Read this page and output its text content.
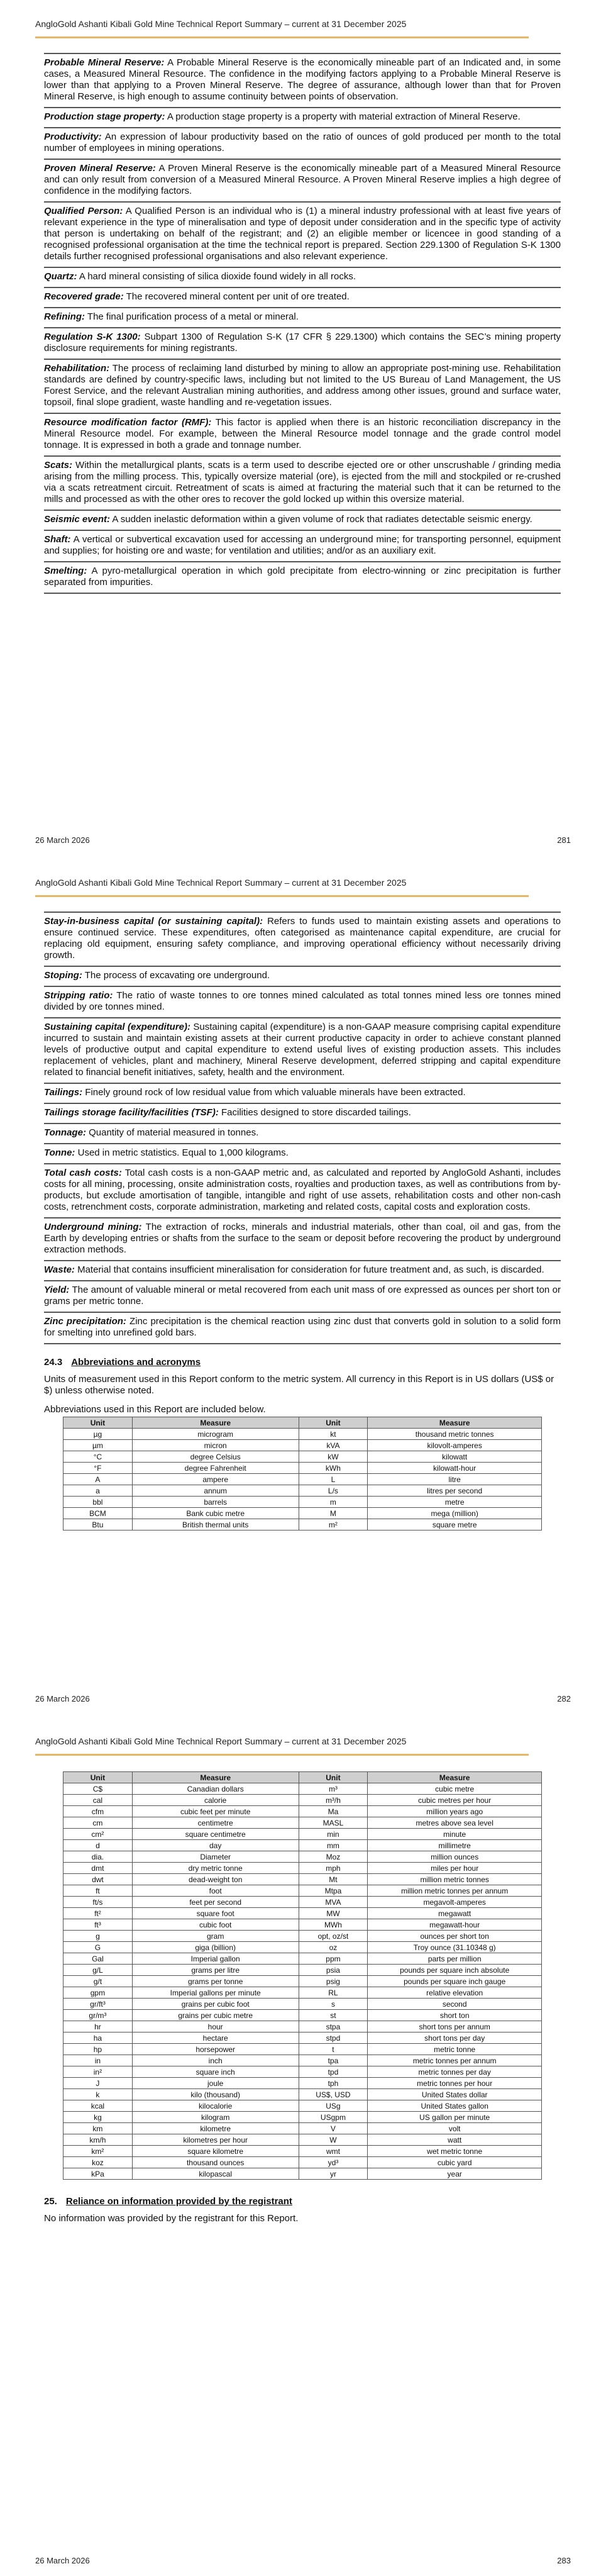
AngloGold Ashanti Kibali Gold Mine Technical Report Summary – current at 31 December 2025
Probable Mineral Reserve: A Probable Mineral Reserve is the economically mineable part of an Indicated and, in some cases, a Measured Mineral Resource. The confidence in the modifying factors applying to a Probable Mineral Reserve is lower than that applying to a Proven Mineral Reserve. The degree of assurance, although lower than that for Proven Mineral Reserve, is high enough to assume continuity between points of observation.
Production stage property: A production stage property is a property with material extraction of Mineral Reserve.
Productivity: An expression of labour productivity based on the ratio of ounces of gold produced per month to the total number of employees in mining operations.
Proven Mineral Reserve: A Proven Mineral Reserve is the economically mineable part of a Measured Mineral Resource and can only result from conversion of a Measured Mineral Resource. A Proven Mineral Reserve implies a high degree of confidence in the modifying factors.
Qualified Person: A Qualified Person is an individual who is (1) a mineral industry professional with at least five years of relevant experience in the type of mineralisation and type of deposit under consideration and in the specific type of activity that person is undertaking on behalf of the registrant; and (2) an eligible member or licencee in good standing of a recognised professional organisation at the time the technical report is prepared. Section 229.1300 of Regulation S-K 1300 details further recognised professional organisations and also relevant experience.
Quartz: A hard mineral consisting of silica dioxide found widely in all rocks.
Recovered grade: The recovered mineral content per unit of ore treated.
Refining: The final purification process of a metal or mineral.
Regulation S-K 1300: Subpart 1300 of Regulation S-K (17 CFR § 229.1300) which contains the SEC’s mining property disclosure requirements for mining registrants.
Rehabilitation: The process of reclaiming land disturbed by mining to allow an appropriate post-mining use. Rehabilitation standards are defined by country-specific laws, including but not limited to the US Bureau of Land Management, the US Forest Service, and the relevant Australian mining authorities, and address among other issues, ground and surface water, topsoil, final slope gradient, waste handling and re-vegetation issues.
Resource modification factor (RMF): This factor is applied when there is an historic reconciliation discrepancy in the Mineral Resource model. For example, between the Mineral Resource model tonnage and the grade control model tonnage. It is expressed in both a grade and tonnage number.
Scats: Within the metallurgical plants, scats is a term used to describe ejected ore or other unscrushable / grinding media arising from the milling process. This, typically oversize material (ore), is ejected from the mill and stockpiled or re-crushed via a scats retreatment circuit. Retreatment of scats is aimed at fracturing the material such that it can be returned to the mills and processed as with the other ores to recover the gold locked up within this oversize material.
Seismic event: A sudden inelastic deformation within a given volume of rock that radiates detectable seismic energy.
Shaft: A vertical or subvertical excavation used for accessing an underground mine; for transporting personnel, equipment and supplies; for hoisting ore and waste; for ventilation and utilities; and/or as an auxiliary exit.
Smelting: A pyro-metallurgical operation in which gold precipitate from electro-winning or zinc precipitation is further separated from impurities.
26 March 2026	281
AngloGold Ashanti Kibali Gold Mine Technical Report Summary – current at 31 December 2025
Stay-in-business capital (or sustaining capital): Refers to funds used to maintain existing assets and operations to ensure continued service. These expenditures, often categorised as maintenance capital expenditure, are crucial for replacing old equipment, ensuring safety compliance, and improving operational efficiency without necessarily driving growth.
Stoping: The process of excavating ore underground.
Stripping ratio: The ratio of waste tonnes to ore tonnes mined calculated as total tonnes mined less ore tonnes mined divided by ore tonnes mined.
Sustaining capital (expenditure): Sustaining capital (expenditure) is a non-GAAP measure comprising capital expenditure incurred to sustain and maintain existing assets at their current productive capacity in order to achieve constant planned levels of productive output and capital expenditure to extend useful lives of existing production assets. This includes replacement of vehicles, plant and machinery, Mineral Reserve development, deferred stripping and capital expenditure related to financial benefit initiatives, safety, health and the environment.
Tailings: Finely ground rock of low residual value from which valuable minerals have been extracted.
Tailings storage facility/facilities (TSF): Facilities designed to store discarded tailings.
Tonnage: Quantity of material measured in tonnes.
Tonne: Used in metric statistics. Equal to 1,000 kilograms.
Total cash costs: Total cash costs is a non-GAAP metric and, as calculated and reported by AngloGold Ashanti, includes costs for all mining, processing, onsite administration costs, royalties and production taxes, as well as contributions from by-products, but exclude amortisation of tangible, intangible and right of use assets, rehabilitation costs and other non-cash costs, retrenchment costs, corporate administration, marketing and related costs, capital costs and exploration costs.
Underground mining: The extraction of rocks, minerals and industrial materials, other than coal, oil and gas, from the Earth by developing entries or shafts from the surface to the seam or deposit before recovering the product by underground extraction methods.
Waste: Material that contains insufficient mineralisation for consideration for future treatment and, as such, is discarded.
Yield: The amount of valuable mineral or metal recovered from each unit mass of ore expressed as ounces per short ton or grams per metric tonne.
Zinc precipitation: Zinc precipitation is the chemical reaction using zinc dust that converts gold in solution to a solid form for smelting into unrefined gold bars.
24.3 Abbreviations and acronyms

Units of measurement used in this Report conform to the metric system. All currency in this Report is in US dollars (US$ or $) unless otherwise noted.

Abbreviations used in this Report are included below.

Unit	Measure	Unit	Measure
µg	microgram	kt	thousand metric tonnes
µm	micron	kVA	kilovolt-amperes
°C	degree Celsius	kW	kilowatt
°F	degree Fahrenheit	kWh	kilowatt-hour
A	ampere	L	litre
a	annum	L/s	litres per second
bbl	barrels	m	metre
BCM	Bank cubic metre	M	mega (million)
Btu	British thermal units	m²	square metre
26 March 2026	282
AngloGold Ashanti Kibali Gold Mine Technical Report Summary – current at 31 December 2025
Unit	Measure	Unit	Measure
C$	Canadian dollars	m³	cubic metre
cal	calorie	m³/h	cubic metres per hour
cfm	cubic feet per minute	Ma	million years ago
cm	centimetre	MASL	metres above sea level
cm²	square centimetre	min	minute
d	day	mm	millimetre
dia.	Diameter	Moz	million ounces
dmt	dry metric tonne	mph	miles per hour
dwt	dead-weight ton	Mt	million metric tonnes
ft	foot	Mtpa	million metric tonnes per annum
ft/s	feet per second	MVA	megavolt-amperes
ft²	square foot	MW	megawatt
ft³	cubic foot	MWh	megawatt-hour
g	gram	opt, oz/st	ounces per short ton
G	giga (billion)	oz	Troy ounce (31.10348 g)
Gal	Imperial gallon	ppm	parts per million
g/L	grams per litre	psia	pounds per square inch absolute
g/t	grams per tonne	psig	pounds per square inch gauge
gpm	Imperial gallons per minute	RL	relative elevation
gr/ft³	grains per cubic foot	s	second
gr/m³	grains per cubic metre	st	short ton
hr	hour	stpa	short tons per annum
ha	hectare	stpd	short tons per day
hp	horsepower	t	metric tonne
in	inch	tpa	metric tonnes per annum
in²	square inch	tpd	metric tonnes per day
J	joule	tph	metric tonnes per hour
k	kilo (thousand)	US$, USD	United States dollar
kcal	kilocalorie	USg	United States gallon
kg	kilogram	USgpm	US gallon per minute
km	kilometre	V	volt
km/h	kilometres per hour	W	watt
km²	square kilometre	wmt	wet metric tonne
koz	thousand ounces	yd³	cubic yard
kPa	kilopascal	yr	year
25. Reliance on information provided by the registrant

No information was provided by the registrant for this Report.

26 March 2026	283
